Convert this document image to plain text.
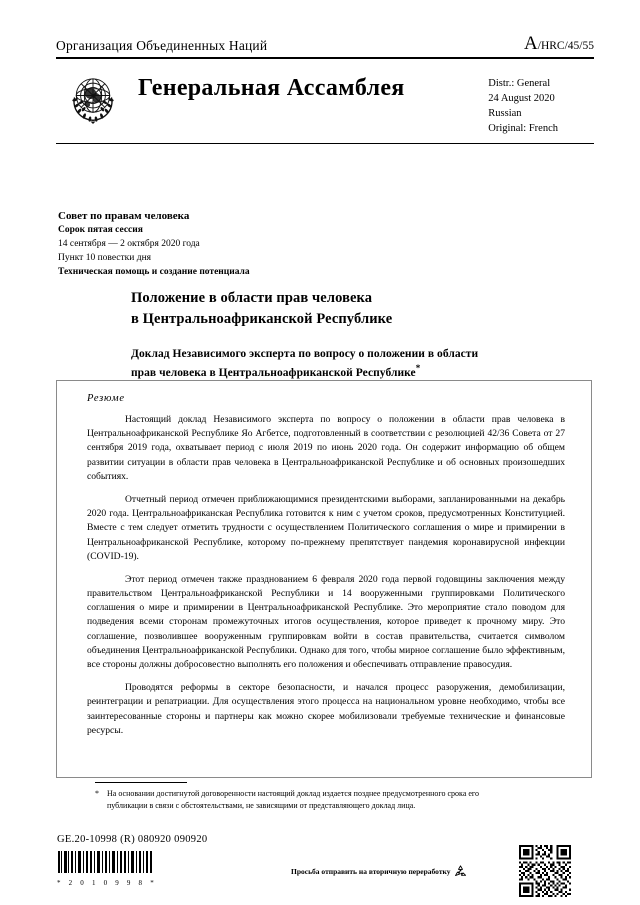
Организация Объединенных Наций	A/HRC/45/55
Генеральная Ассамблея	Distr.: General
24 August 2020
Russian
Original: French
Совет по правам человека
Сорок пятая сессия
14 сентября — 2 октября 2020 года
Пункт 10 повестки дня
Техническая помощь и создание потенциала
Положение в области прав человека
в Центральноафриканской Республике
Доклад Независимого эксперта по вопросу о положении в области
прав человека в Центральноафриканской Республике*
Резюме

Настоящий доклад Независимого эксперта по вопросу о положении в области прав человека в Центральноафриканской Республике Яо Агбетсе, подготовленный в соответствии с резолюцией 42/36 Совета от 27 сентября 2019 года, охватывает период с июля 2019 по июнь 2020 года. Он содержит информацию об общем развитии ситуации в области прав человека в Центральноафриканской Республике и об основных произошедших событиях.

Отчетный период отмечен приближающимися президентскими выборами, запланированными на декабрь 2020 года. Центральноафриканская Республика готовится к ним с учетом сроков, предусмотренных Конституцией. Вместе с тем следует отметить трудности с осуществлением Политического соглашения о мире и примирении в Центральноафриканской Республике, которому по-прежнему препятствует пандемия коронавирусной инфекции (COVID-19).

Этот период отмечен также празднованием 6 февраля 2020 года первой годовщины заключения между правительством Центральноафриканской Республики и 14 вооруженными группировками Политического соглашения о мире и примирении в Центральноафриканской Республике. Это мероприятие стало поводом для подведения всеми сторонам промежуточных итогов осуществления, которое приведет к прочному миру. Это соглашение, позволившее вооруженным группировкам войти в состав правительства, считается символом объединения Центральноафриканской Республики. Однако для того, чтобы мирное соглашение было эффективным, все стороны должны добросовестно выполнять его положения и обеспечивать отправление правосудия.

Проводятся реформы в секторе безопасности, и начался процесс разоружения, демобилизации, реинтеграции и репатриации. Для осуществления этого процесса на национальном уровне необходимо, чтобы все заинтересованные стороны и партнеры как можно скорее мобилизовали требуемые технические и финансовые ресурсы.

*	На основании достигнутой договоренности настоящий доклад издается позднее предусмотренного срока его публикации в связи с обстоятельствами, не зависящими от представляющего доклад лица.
GE.20-10998 (R) 080920 090920
* 2 0 1 0 9 9 8 *
Просьба отправить на вторичную переработку
